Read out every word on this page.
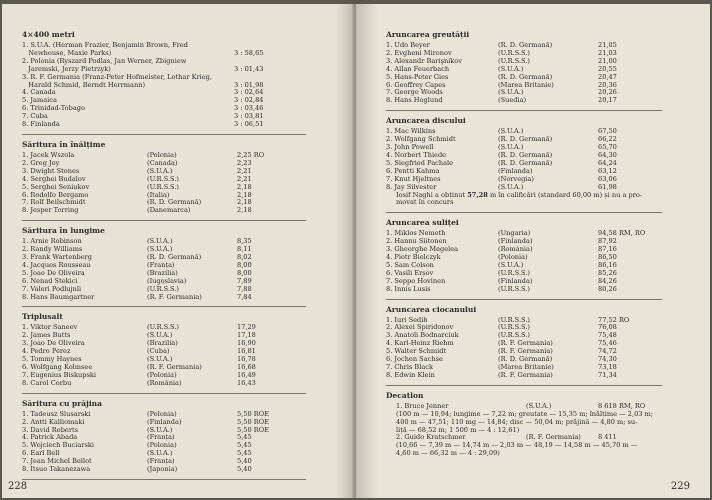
4×400 metri
1. S.U.A. (Herman Frazier, Benjamin Brown, Fred
Newhouse, Maxie Parks)	3 : 58,65
2. Polonia (Ryszard Podlas, Jan Werner, Zbigniew
Jaremski, Jerzy Pietrzyk)	3 : 01,43
3. R. F. Germania (Franz-Peter Hofmeister, Lothar Krieg,
Harald Schmid, Berndt Herrmann)	3 : 01,98
4. Canada	3 : 02,64
5. Jamaica	3 : 02,84
6. Trinidad-Tobago	3 : 03,46
7. Cuba	3 : 03,81
8. Finlanda	3 : 06,51
Săritura în înălțime
1. Jacek Wszola	(Polonia)	2,25 RO
2. Greg Joy	(Canada)	2,23
3. Dwight Stones	(S.U.A.)	2,21
4. Serghei Budalov	(U.R.S.S.)	2,21
5. Serghei Seniukov	(U.R.S.S.)	2,18
6. Rodolfo Bergamo	(Italia)	2,18
7. Rolf Beilschmidt	(R. D. Germană)	2,18
8. Jesper Torring	(Danemarca)	2,18
Săritura în lungime
1. Arnie Robinson	(S.U.A.)	8,35
2. Randy Williams	(S.U.A.)	8,11
3. Frank Wartenberg	(R. D. Germană)	8,02
4. Jacques Rousseau	(Franța)	8,00
5. Joao De Oliveira	(Brazilia)	8,00
6. Nenad Stekici	(Iugoslavia)	7,89
7. Valeri Podlujnîi	(U.R.S.S.)	7,88
8. Hans Baumgartner	(R. F. Germania)	7,84
Triplusalt
1. Viktor Saneev	(U.R.S.S.)	17,29
2. James Butts	(S.U.A.)	17,18
3. Joao De Oliveira	(Brazilia)	16,90
4. Pedro Perez	(Cuba)	16,81
5. Tommy Haynes	(S.U.A.)	16,78
6. Wolfgang Kolmsee	(R. F. Germania)	16,68
7. Eugenius Biskupski	(Polonia)	16,49
8. Carol Corbu	(România)	16,43
Săritura cu prăjina
1. Tadeusz Slusarski	(Polonia)	5,50 ROE
2. Antti Kalliomaki	(Finlanda)	5,50 ROE
3. David Roberts	(S.U.A.)	5,50 ROE
4. Patrick Abada	(Franța)	5,45
5. Wojciech Buciarski	(Polonia)	5,45
6. Earl Bell	(S.U.A.)	5,45
7. Jean Michel Bellot	(Franța)	5,40
8. Itsuo Takanezawa	(Japonia)	5,40
228
Aruncarea greutății
1. Udo Beyer	(R. D. Germană)	21,05
2. Evgheni Mironov	(U.R.S.S.)	21,03
3. Alexandr Barişnikov	(U.R.S.S.)	21,00
4. Allan Feuerbach	(S.U.A.)	20,55
5. Hans-Peter Gies	(R. D. Germană)	20,47
6. Geoffrey Capes	(Marea Britanie)	20,36
7. George Woods	(S.U.A.)	20,26
8. Hans Hoglund	(Suedia)	20,17
Aruncarea discului
1. Mac Wilkins	(S.U.A.)	67,50
2. Wolfgang Schmidt	(R. D. Germană)	66,22
3. John Powell	(S.U.A.)	65,70
4. Norbert Thiede	(R. D. Germană)	64,30
5. Siegfried Pachale	(R. D. Germană)	64,24
6. Pentti Kahma	(Finlanda)	63,12
7. Knut Hjeltnes	(Norvegia)	63,06
8. Jay Silvester	(S.U.A.)	61,98
Iosif Naghi a obținut 57,28 m în calificări (standard 60,00 m) și nu a pro-
movat în concurs
Aruncarea suliței
1. Miklos Nemeth	(Ungaria)	94,58 RM, RO
2. Hannu Siitonen	(Finlanda)	87,92
3. Gheorghe Megelea	(România)	87,16
4. Piotr Bielczyk	(Polonia)	86,50
5. Sam Colson	(S.U.A.)	86,16
6. Vasili Erșov	(U.R.S.S.)	85,26
7. Seppo Hovinen	(Finlanda)	84,26
8. Innis Lusis	(U.R.S.S.)	80,26
Aruncarea ciocanului
1. Iuri Sedih	(U.R.S.S.)	77,52 RO
2. Alexei Spiridonov	(U.R.S.S.)	76,08
3. Anatoli Bodnarciuk	(U.R.S.S.)	75,48
4. Karl-Heinz Riehm	(R. F. Germania)	75,46
5. Walter Schmidt	(R. F. Germania)	74,72
6. Jochen Sachse	(R. D. Germană)	74,30
7. Chris Black	(Marea Britanie)	73,18
8. Edwin Klein	(R. F. Germania)	71,34
Decatlon
1. Bruce Jenner	(S.U.A.)	8 618 RM, RO
(100 m — 10,94; lungime — 7,22 m; greutate — 15,35 m; înălțime — 2,03 m;
400 m — 47,51; 110 mg — 14,84; disc — 50,04 m; prăjină — 4,80 m; su-
liță — 68,52 m; 1 500 m — 4 : 12,61)
2. Guido Kratschmer	(R. F. Germania)	8 411
(10,66 — 7,39 m — 14,74 m — 2,03 m — 48,19 — 14,58 m — 45,70 m —
4,60 m — 66,32 m — 4 : 29,09)
229
